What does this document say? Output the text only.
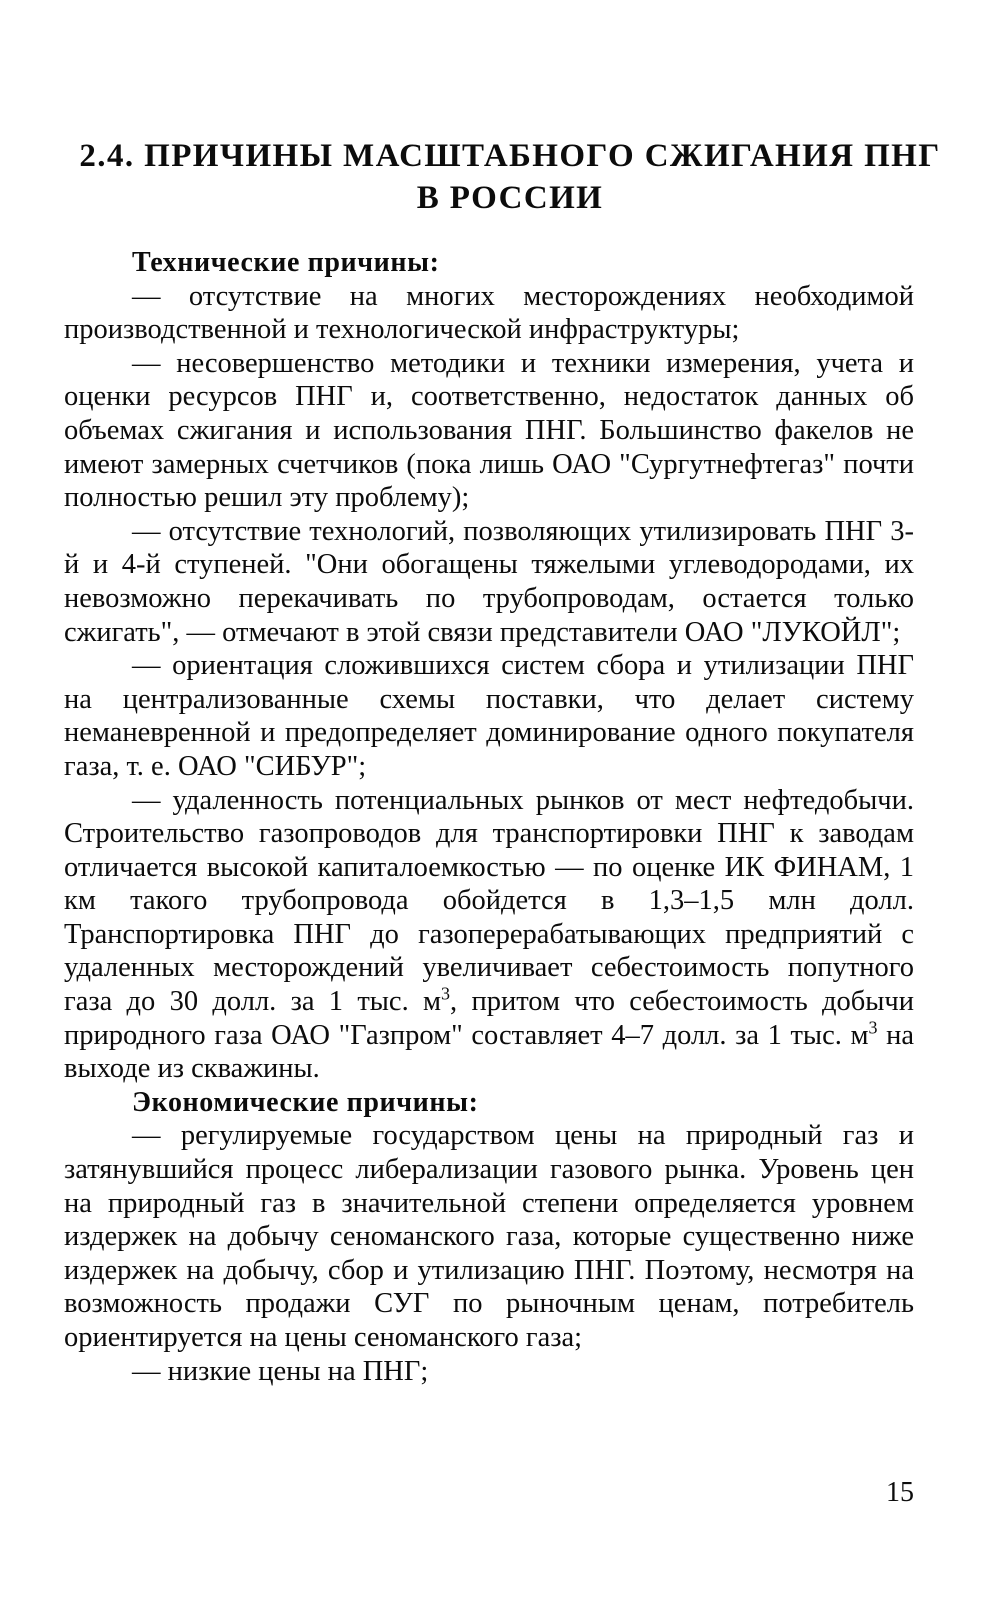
2.4. ПРИЧИНЫ МАСШТАБНОГО СЖИГАНИЯ ПНГ
В РОССИИ

Технические причины:

— отсутствие на многих месторождениях необходимой производственной и технологической инфраструктуры;

— несовершенство методики и техники измерения, учета и оценки ресурсов ПНГ и, соответственно, недостаток данных об объемах сжигания и использования ПНГ. Большинство факелов не имеют замерных счетчиков (пока лишь ОАО "Сургутнефтегаз" почти полностью решил эту проблему);

— отсутствие технологий, позволяющих утилизировать ПНГ 3-й и 4-й ступеней. "Они обогащены тяжелыми углеводородами, их невозможно перекачивать по трубопроводам, остается только сжигать", — отмечают в этой связи представители ОАО "ЛУКОЙЛ";

— ориентация сложившихся систем сбора и утилизации ПНГ на централизованные схемы поставки, что делает систему неманевренной и предопределяет доминирование одного покупателя газа, т. е. ОАО "СИБУР";

— удаленность потенциальных рынков от мест нефтедобычи. Строительство газопроводов для транспортировки ПНГ к заводам отличается высокой капиталоемкостью — по оценке ИК ФИНАМ, 1 км такого трубопровода обойдется в 1,3–1,5 млн долл. Транспортировка ПНГ до газоперерабатывающих предприятий с удаленных месторождений увеличивает себестоимость попутного газа до 30 долл. за 1 тыс. $м^3$, притом что себестоимость добычи природного газа ОАО "Газпром" составляет 4–7 долл. за 1 тыс. $м^3$ на выходе из скважины.

Экономические причины:

— регулируемые государством цены на природный газ и затянувшийся процесс либерализации газового рынка. Уровень цен на природный газ в значительной степени определяется уровнем издержек на добычу сеноманского газа, которые существенно ниже издержек на добычу, сбор и утилизацию ПНГ. Поэтому, несмотря на возможность продажи СУГ по рыночным ценам, потребитель ориентируется на цены сеноманского газа;

— низкие цены на ПНГ;

15
